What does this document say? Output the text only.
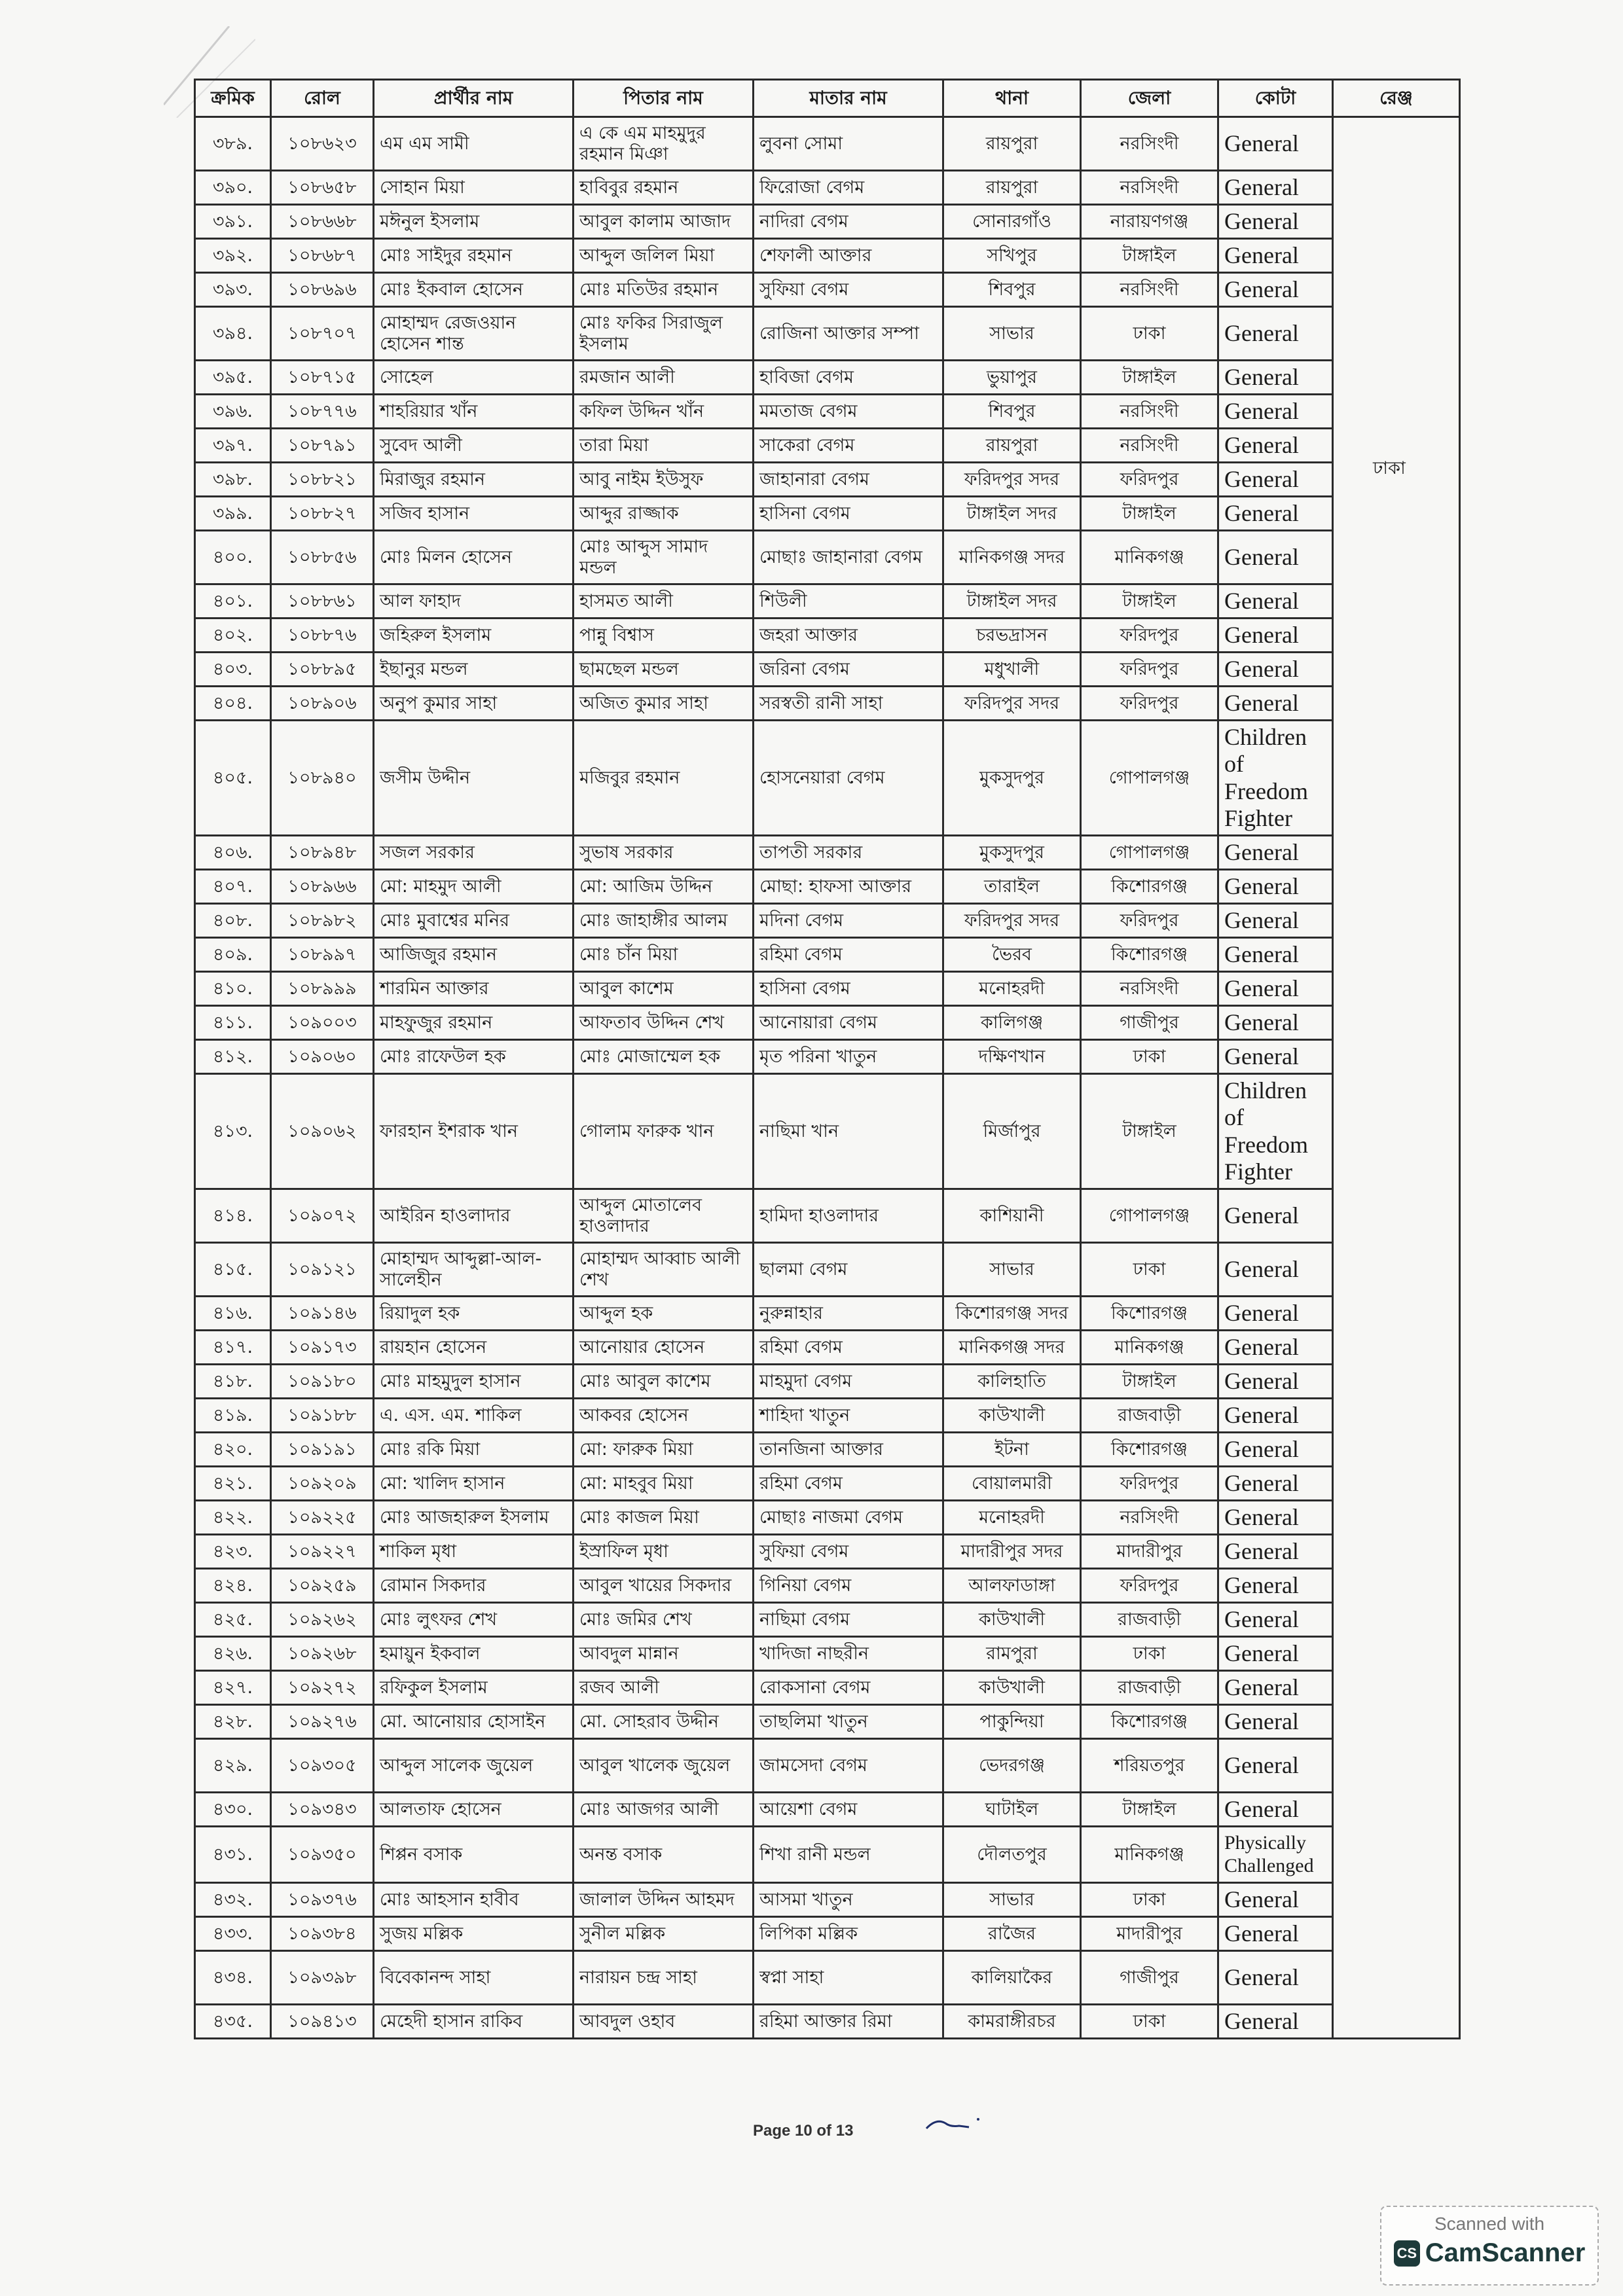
ক্রমিক	রোল	প্রার্থীর নাম	পিতার নাম	মাতার নাম	থানা	জেলা	কোটা	রেঞ্জ
৩৮৯.	১০৮৬২৩	এম এম সামী	এ কে এম মাহমুদুর রহমান মিঞা	লুবনা সোমা	রায়পুরা	নরসিংদী	General	ঢাকা
৩৯০.	১০৮৬৫৮	সোহান মিয়া	হাবিবুর রহমান	ফিরোজা বেগম	রায়পুরা	নরসিংদী	General	
৩৯১.	১০৮৬৬৮	মঈনুল ইসলাম	আবুল কালাম আজাদ	নাদিরা বেগম	সোনারগাঁও	নারায়ণগঞ্জ	General	
৩৯২.	১০৮৬৮৭	মোঃ সাইদুর রহমান	আব্দুল জলিল মিয়া	শেফালী আক্তার	সখিপুর	টাঙ্গাইল	General	
৩৯৩.	১০৮৬৯৬	মোঃ ইকবাল হোসেন	মোঃ মতিউর রহমান	সুফিয়া বেগম	শিবপুর	নরসিংদী	General	
৩৯৪.	১০৮৭০৭	মোহাম্মদ রেজওয়ান হোসেন শান্ত	মোঃ ফকির সিরাজুল ইসলাম	রোজিনা আক্তার সম্পা	সাভার	ঢাকা	General	
৩৯৫.	১০৮৭১৫	সোহেল	রমজান আলী	হাবিজা বেগম	ভুয়াপুর	টাঙ্গাইল	General	
৩৯৬.	১০৮৭৭৬	শাহরিয়ার খাঁন	কফিল উদ্দিন খাঁন	মমতাজ বেগম	শিবপুর	নরসিংদী	General	
৩৯৭.	১০৮৭৯১	সুবেদ আলী	তারা মিয়া	সাকেরা বেগম	রায়পুরা	নরসিংদী	General	
৩৯৮.	১০৮৮২১	মিরাজুর রহমান	আবু নাইম ইউসুফ	জাহানারা বেগম	ফরিদপুর সদর	ফরিদপুর	General	
৩৯৯.	১০৮৮২৭	সজিব হাসান	আব্দুর রাজ্জাক	হাসিনা বেগম	টাঙ্গাইল সদর	টাঙ্গাইল	General	
৪০০.	১০৮৮৫৬	মোঃ মিলন হোসেন	মোঃ আব্দুস সামাদ মন্ডল	মোছাঃ জাহানারা বেগম	মানিকগঞ্জ সদর	মানিকগঞ্জ	General	
৪০১.	১০৮৮৬১	আল ফাহাদ	হাসমত আলী	শিউলী	টাঙ্গাইল সদর	টাঙ্গাইল	General	
৪০২.	১০৮৮৭৬	জহিরুল ইসলাম	পান্নু বিশ্বাস	জহরা আক্তার	চরভদ্রাসন	ফরিদপুর	General	
৪০৩.	১০৮৮৯৫	ইছানুর মন্ডল	ছামছেল মন্ডল	জরিনা বেগম	মধুখালী	ফরিদপুর	General	
৪০৪.	১০৮৯০৬	অনুপ কুমার সাহা	অজিত কুমার সাহা	সরস্বতী রানী সাহা	ফরিদপুর সদর	ফরিদপুর	General	
৪০৫.	১০৮৯৪০	জসীম উদ্দীন	মজিবুর রহমান	হোসনেয়ারা বেগম	মুকসুদপুর	গোপালগঞ্জ	Children of Freedom Fighter	
৪০৬.	১০৮৯৪৮	সজল সরকার	সুভাষ সরকার	তাপতী সরকার	মুকসুদপুর	গোপালগঞ্জ	General	
৪০৭.	১০৮৯৬৬	মো: মাহমুদ আলী	মো: আজিম উদ্দিন	মোছা: হাফসা আক্তার	তারাইল	কিশোরগঞ্জ	General	
৪০৮.	১০৮৯৮২	মোঃ মুবাশ্বের মনির	মোঃ জাহাঙ্গীর আলম	মদিনা বেগম	ফরিদপুর সদর	ফরিদপুর	General	
৪০৯.	১০৮৯৯৭	আজিজুর রহমান	মোঃ চাঁন মিয়া	রহিমা বেগম	ভৈরব	কিশোরগঞ্জ	General	
৪১০.	১০৮৯৯৯	শারমিন আক্তার	আবুল কাশেম	হাসিনা বেগম	মনোহরদী	নরসিংদী	General	
৪১১.	১০৯০০৩	মাহফুজুর রহমান	আফতাব উদ্দিন শেখ	আনোয়ারা বেগম	কালিগঞ্জ	গাজীপুর	General	
৪১২.	১০৯০৬০	মোঃ রাফেউল হক	মোঃ মোজাম্মেল হক	মৃত পরিনা খাতুন	দক্ষিণখান	ঢাকা	General	
৪১৩.	১০৯০৬২	ফারহান ইশরাক খান	গোলাম ফারুক খান	নাছিমা খান	মির্জাপুর	টাঙ্গাইল	Children of Freedom Fighter	
৪১৪.	১০৯০৭২	আইরিন হাওলাদার	আব্দুল মোতালেব হাওলাদার	হামিদা হাওলাদার	কাশিয়ানী	গোপালগঞ্জ	General	
৪১৫.	১০৯১২১	মোহাম্মদ আব্দুল্লা-আল-সালেহীন	মোহাম্মদ আব্বাচ আলী শেখ	ছালমা বেগম	সাভার	ঢাকা	General	
৪১৬.	১০৯১৪৬	রিয়াদুল হক	আব্দুল হক	নুরুন্নাহার	কিশোরগঞ্জ সদর	কিশোরগঞ্জ	General	
৪১৭.	১০৯১৭৩	রায়হান হোসেন	আনোয়ার হোসেন	রহিমা বেগম	মানিকগঞ্জ সদর	মানিকগঞ্জ	General	
৪১৮.	১০৯১৮০	মোঃ মাহমুদুল হাসান	মোঃ আবুল কাশেম	মাহমুদা বেগম	কালিহাতি	টাঙ্গাইল	General	
৪১৯.	১০৯১৮৮	এ. এস. এম. শাকিল	আকবর হোসেন	শাহিদা খাতুন	কাউখালী	রাজবাড়ী	General	
৪২০.	১০৯১৯১	মোঃ রকি মিয়া	মো: ফারুক মিয়া	তানজিনা আক্তার	ইটনা	কিশোরগঞ্জ	General	
৪২১.	১০৯২০৯	মো: খালিদ হাসান	মো: মাহবুব মিয়া	রহিমা বেগম	বোয়ালমারী	ফরিদপুর	General	
৪২২.	১০৯২২৫	মোঃ আজহারুল ইসলাম	মোঃ কাজল মিয়া	মোছাঃ নাজমা বেগম	মনোহরদী	নরসিংদী	General	
৪২৩.	১০৯২২৭	শাকিল মৃধা	ইস্রাফিল মৃধা	সুফিয়া বেগম	মাদারীপুর সদর	মাদারীপুর	General	
৪২৪.	১০৯২৫৯	রোমান সিকদার	আবুল খায়ের সিকদার	গিনিয়া বেগম	আলফাডাঙ্গা	ফরিদপুর	General	
৪২৫.	১০৯২৬২	মোঃ লুৎফর শেখ	মোঃ জমির শেখ	নাছিমা বেগম	কাউখালী	রাজবাড়ী	General	
৪২৬.	১০৯২৬৮	হমায়ুন ইকবাল	আবদুল মান্নান	খাদিজা নাছরীন	রামপুরা	ঢাকা	General	
৪২৭.	১০৯২৭২	রফিকুল ইসলাম	রজব আলী	রোকসানা বেগম	কাউখালী	রাজবাড়ী	General	
৪২৮.	১০৯২৭৬	মো. আনোয়ার হোসাইন	মো. সোহরাব উদ্দীন	তাছলিমা খাতুন	পাকুন্দিয়া	কিশোরগঞ্জ	General	
৪২৯.	১০৯৩০৫	আব্দুল সালেক জুয়েল	আবুল খালেক জুয়েল	জামসেদা বেগম	ভেদরগঞ্জ	শরিয়তপুর	General	
৪৩০.	১০৯৩৪৩	আলতাফ হোসেন	মোঃ আজগর আলী	আয়েশা বেগম	ঘাটাইল	টাঙ্গাইল	General	
৪৩১.	১০৯৩৫০	শিপ্পন বসাক	অনন্ত বসাক	শিখা রানী মন্ডল	দৌলতপুর	মানিকগঞ্জ	Physically Challenged	
৪৩২.	১০৯৩৭৬	মোঃ আহসান হাবীব	জালাল উদ্দিন আহমদ	আসমা খাতুন	সাভার	ঢাকা	General	
৪৩৩.	১০৯৩৮৪	সুজয় মল্লিক	সুনীল মল্লিক	লিপিকা মল্লিক	রাজৈর	মাদারীপুর	General	
৪৩৪.	১০৯৩৯৮	বিবেকানন্দ সাহা	নারায়ন চন্দ্র সাহা	স্বপ্না সাহা	কালিয়াকৈর	গাজীপুর	General	
৪৩৫.	১০৯৪১৩	মেহেদী হাসান রাকিব	আবদুল ওহাব	রহিমা আক্তার রিমা	কামরাঙ্গীরচর	ঢাকা	General	
Page 10 of 13
Scanned with
CS CamScanner
